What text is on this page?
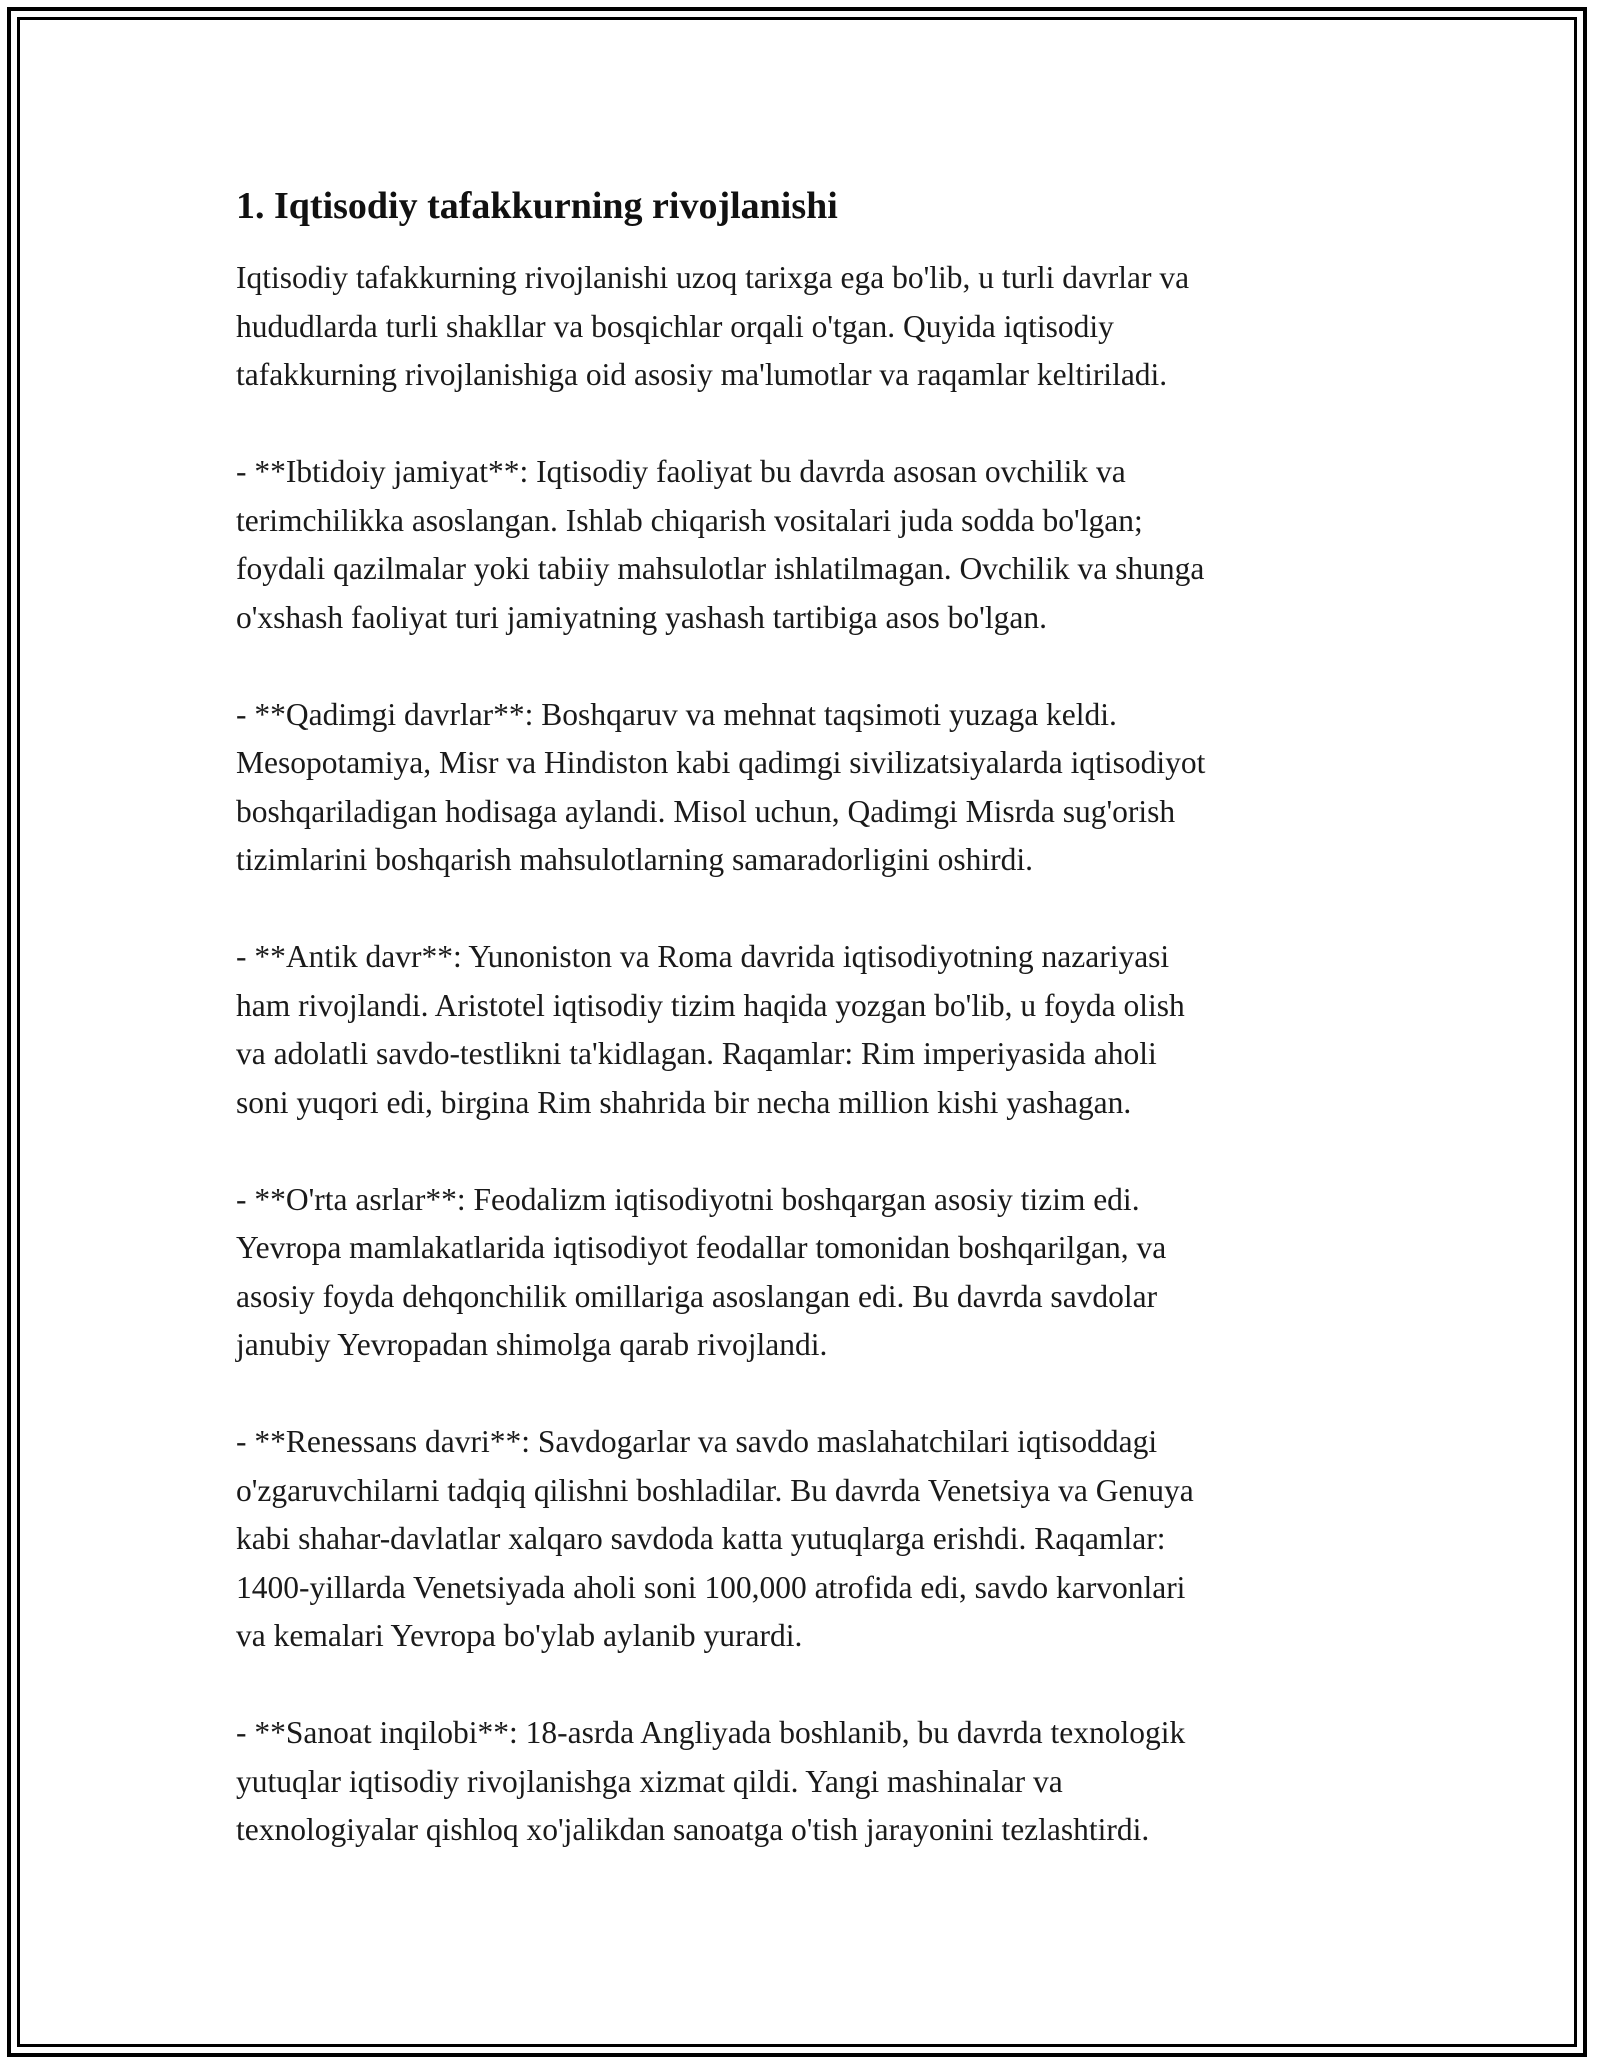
1. Iqtisodiy tafakkurning rivojlanishi

Iqtisodiy tafakkurning rivojlanishi uzoq tarixga ega bo'lib, u turli davrlar va
hududlarda turli shakllar va bosqichlar orqali o'tgan. Quyida iqtisodiy
tafakkurning rivojlanishiga oid asosiy ma'lumotlar va raqamlar keltiriladi.

- **Ibtidoiy jamiyat**: Iqtisodiy faoliyat bu davrda asosan ovchilik va
terimchilikka asoslangan. Ishlab chiqarish vositalari juda sodda bo'lgan;
foydali qazilmalar yoki tabiiy mahsulotlar ishlatilmagan. Ovchilik va shunga
o'xshash faoliyat turi jamiyatning yashash tartibiga asos bo'lgan.

- **Qadimgi davrlar**: Boshqaruv va mehnat taqsimoti yuzaga keldi.
Mesopotamiya, Misr va Hindiston kabi qadimgi sivilizatsiyalarda iqtisodiyot
boshqariladigan hodisaga aylandi. Misol uchun, Qadimgi Misrda sug'orish
tizimlarini boshqarish mahsulotlarning samaradorligini oshirdi.

- **Antik davr**: Yunoniston va Roma davrida iqtisodiyotning nazariyasi
ham rivojlandi. Aristotel iqtisodiy tizim haqida yozgan bo'lib, u foyda olish
va adolatli savdo-testlikni ta'kidlagan. Raqamlar: Rim imperiyasida aholi
soni yuqori edi, birgina Rim shahrida bir necha million kishi yashagan.

- **O'rta asrlar**: Feodalizm iqtisodiyotni boshqargan asosiy tizim edi.
Yevropa mamlakatlarida iqtisodiyot feodallar tomonidan boshqarilgan, va
asosiy foyda dehqonchilik omillariga asoslangan edi. Bu davrda savdolar
janubiy Yevropadan shimolga qarab rivojlandi.

- **Renessans davri**: Savdogarlar va savdo maslahatchilari iqtisoddagi
o'zgaruvchilarni tadqiq qilishni boshladilar. Bu davrda Venetsiya va Genuya
kabi shahar-davlatlar xalqaro savdoda katta yutuqlarga erishdi. Raqamlar:
1400-yillarda Venetsiyada aholi soni 100,000 atrofida edi, savdo karvonlari
va kemalari Yevropa bo'ylab aylanib yurardi.

- **Sanoat inqilobi**: 18-asrda Angliyada boshlanib, bu davrda texnologik
yutuqlar iqtisodiy rivojlanishga xizmat qildi. Yangi mashinalar va
texnologiyalar qishloq xo'jalikdan sanoatga o'tish jarayonini tezlashtirdi.
